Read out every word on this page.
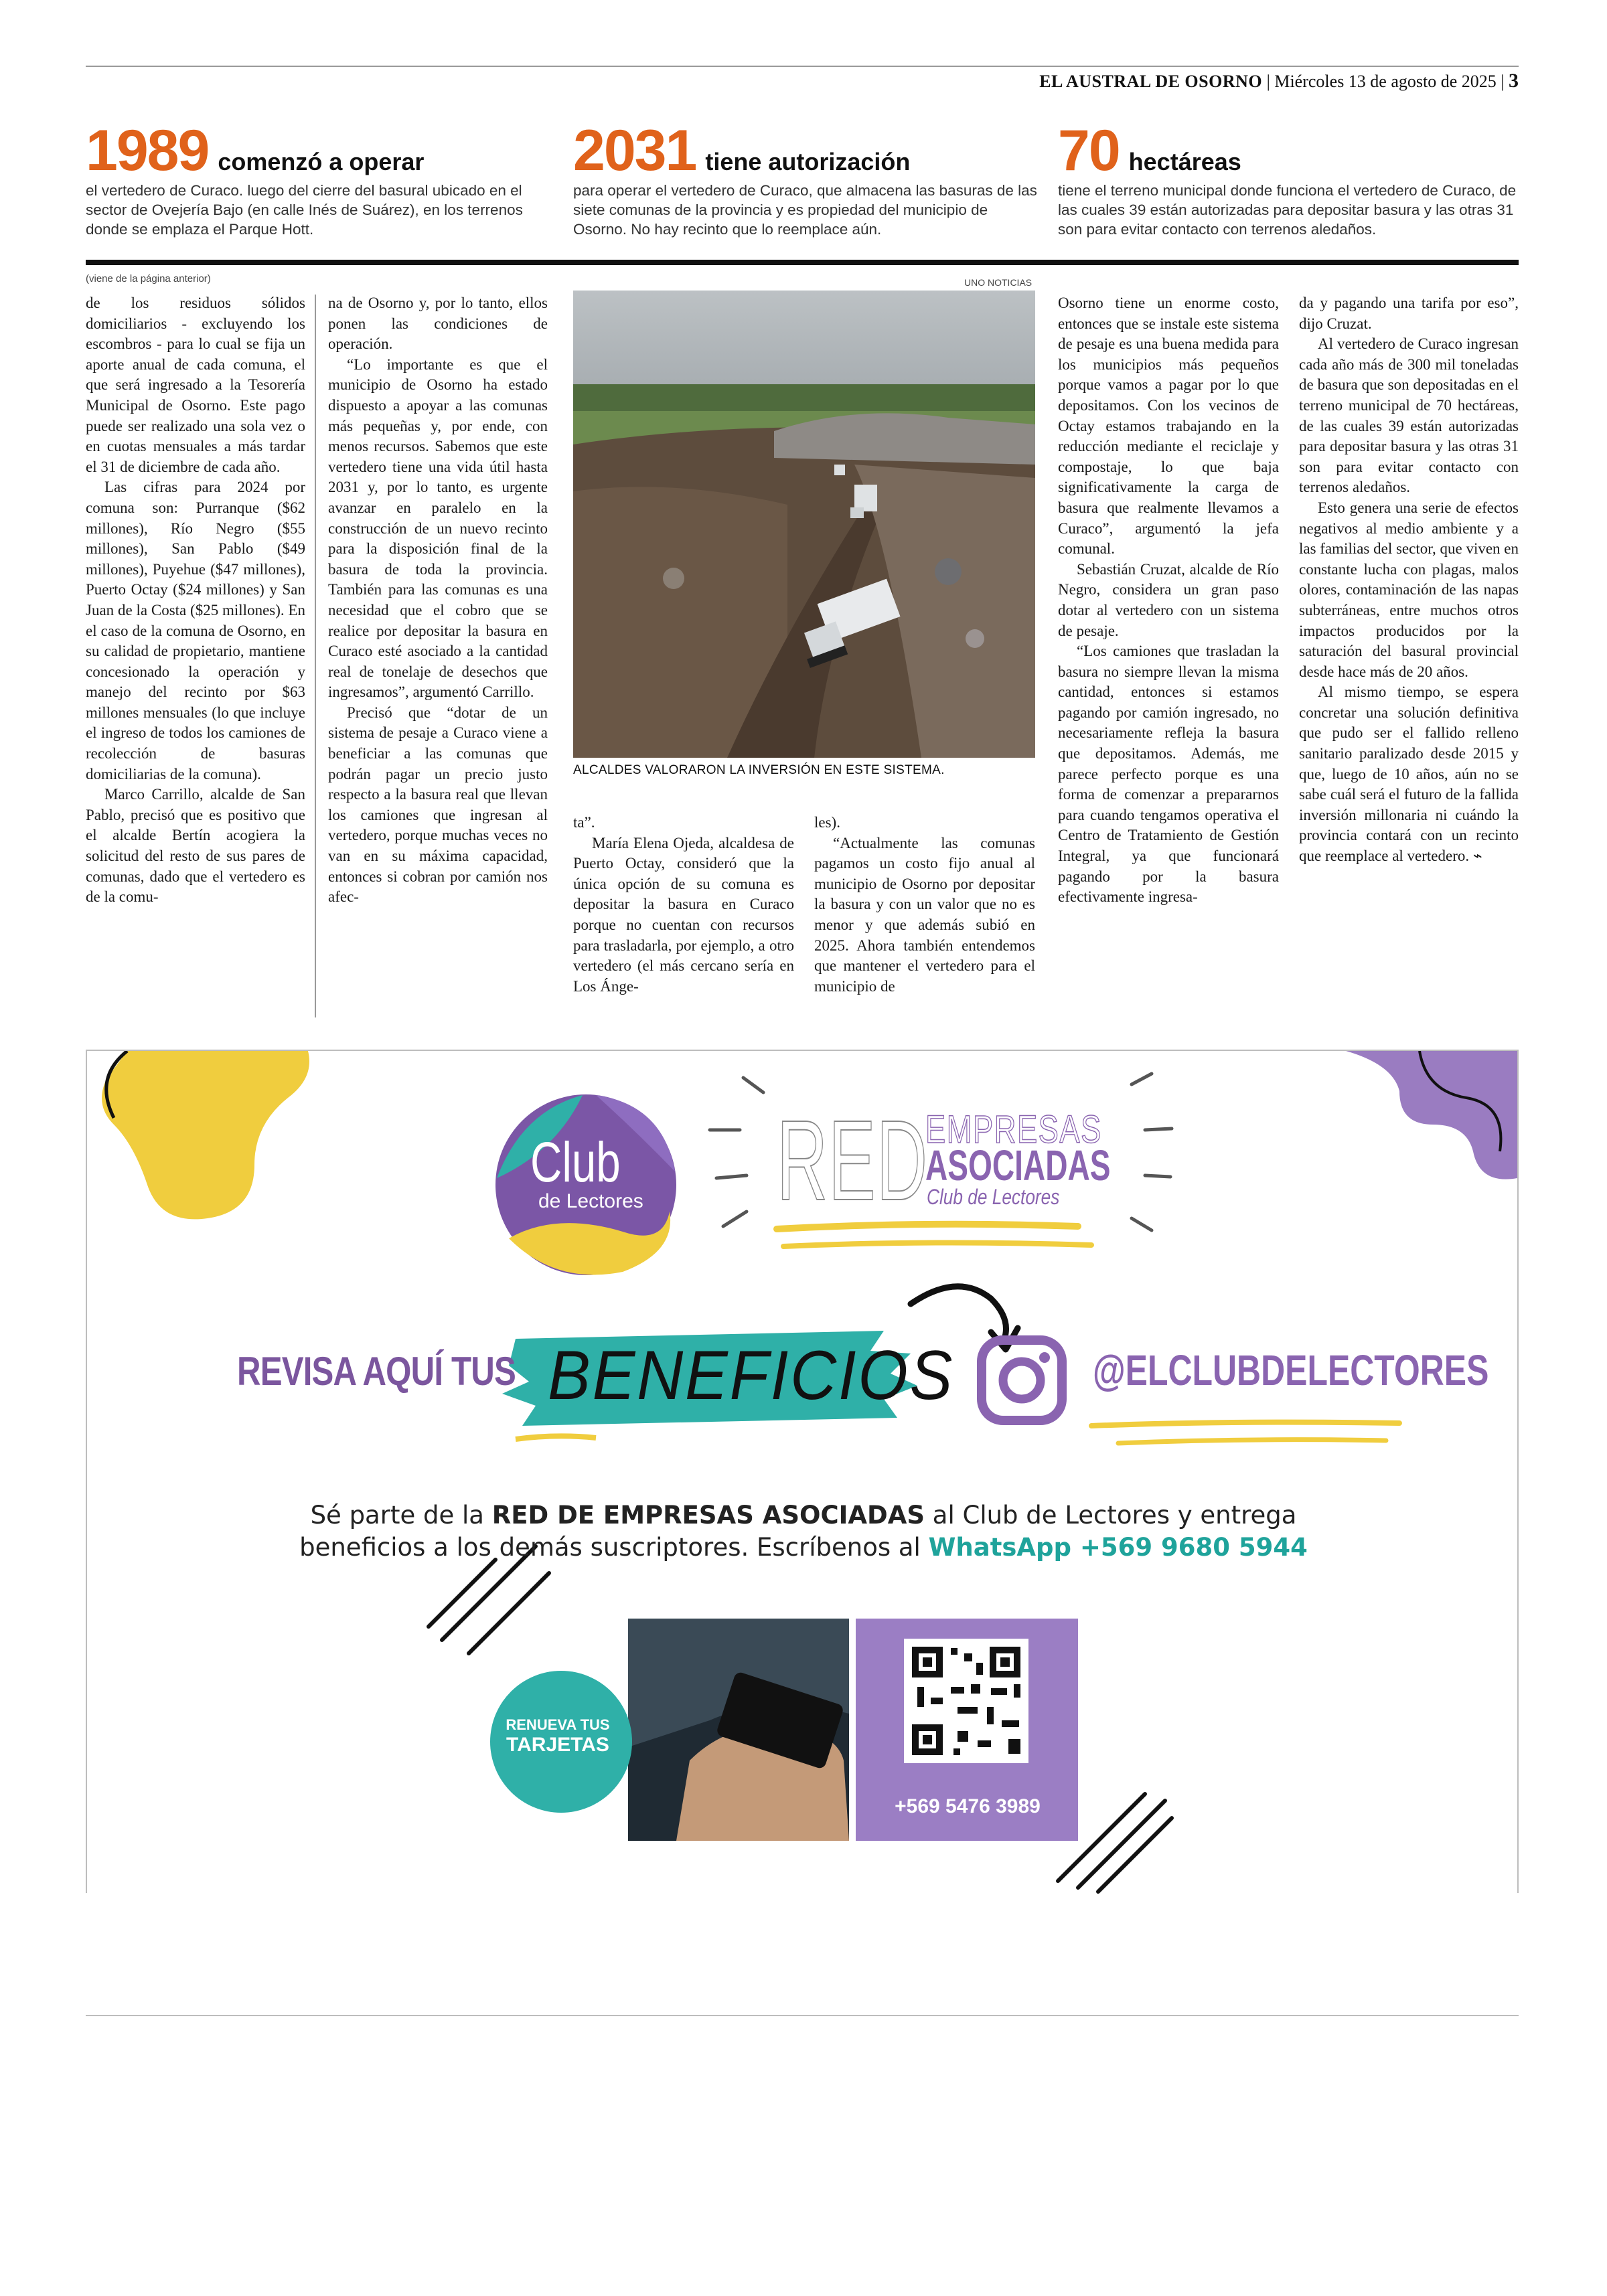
EL AUSTRAL DE OSORNO | Miércoles 13 de agosto de 2025 | 3
1989 comenzó a operar
el vertedero de Curaco. luego del cierre del basural ubicado en el sector de Ovejería Bajo (en calle Inés de Suárez), en los terrenos donde se emplaza el Parque Hott.
2031 tiene autorización
para operar el vertedero de Curaco, que almacena las basuras de las siete comunas de la provincia y es propiedad del municipio de Osorno. No hay recinto que lo reemplace aún.
70 hectáreas
tiene el terreno municipal donde funciona el vertedero de Curaco, de las cuales 39 están autorizadas para depositar basura y las otras 31 son para evitar contacto con terrenos aledaños.
(viene de la página anterior)

de los residuos sólidos domiciliarios - excluyendo los escombros - para lo cual se fija un aporte anual de cada comuna, el que será ingresado a la Tesorería Municipal de Osorno. Este pago puede ser realizado una sola vez o en cuotas mensuales a más tardar el 31 de diciembre de cada año.

Las cifras para 2024 por comuna son: Purranque ($62 millones), Río Negro ($55 millones), San Pablo ($49 millones), Puyehue ($47 millones), Puerto Octay ($24 millones) y San Juan de la Costa ($25 millones). En el caso de la comuna de Osorno, en su calidad de propietario, mantiene concesionado la operación y manejo del recinto por $63 millones mensuales (lo que incluye el ingreso de todos los camiones de recolección de basuras domiciliarias de la comuna).

Marco Carrillo, alcalde de San Pablo, precisó que es positivo que el alcalde Bertín acogiera la solicitud del resto de sus pares de comunas, dado que el vertedero es de la comu-

na de Osorno y, por lo tanto, ellos ponen las condiciones de operación.

“Lo importante es que el municipio de Osorno ha estado dispuesto a apoyar a las comunas más pequeñas y, por ende, con menos recursos. Sabemos que este vertedero tiene una vida útil hasta 2031 y, por lo tanto, es urgente avanzar en paralelo en la construcción de un nuevo recinto para la disposición final de la basura de toda la provincia. También para las comunas es una necesidad que el cobro que se realice por depositar la basura en Curaco esté asociado a la cantidad real de tonelaje de desechos que ingresamos”, argumentó Carrillo.

Precisó que “dotar de un sistema de pesaje a Curaco viene a beneficiar a las comunas que podrán pagar un precio justo respecto a la basura real que llevan los camiones que ingresan al vertedero, porque muchas veces no van en su máxima capacidad, entonces si cobran por camión nos afec-

UNO NOTICIAS
ALCALDES VALORARON LA INVERSIÓN EN ESTE SISTEMA.

ta”.

María Elena Ojeda, alcaldesa de Puerto Octay, consideró que la única opción de su comuna es depositar la basura en Curaco porque no cuentan con recursos para trasladarla, por ejemplo, a otro vertedero (el más cercano sería en Los Ánge-

les).

“Actualmente las comunas pagamos un costo fijo anual al municipio de Osorno por depositar la basura y con un valor que no es menor y que además subió en 2025. Ahora también entendemos que mantener el vertedero para el municipio de

Osorno tiene un enorme costo, entonces que se instale este sistema de pesaje es una buena medida para los municipios más pequeños porque vamos a pagar por lo que depositamos. Con los vecinos de Octay estamos trabajando en la reducción mediante el reciclaje y compostaje, lo que baja significativamente la carga de basura que realmente llevamos a Curaco”, argumentó la jefa comunal.

Sebastián Cruzat, alcalde de Río Negro, considera un gran paso dotar al vertedero con un sistema de pesaje.

“Los camiones que trasladan la basura no siempre llevan la misma cantidad, entonces si estamos pagando por camión ingresado, no necesariamente refleja la basura que depositamos. Además, me parece perfecto porque es una forma de comenzar a prepararnos para cuando tengamos operativa el Centro de Tratamiento de Gestión Integral, ya que funcionará pagando por la basura efectivamente ingresa-

da y pagando una tarifa por eso”, dijo Cruzat.

Al vertedero de Curaco ingresan cada año más de 300 mil toneladas de basura que son depositadas en el terreno municipal de 70 hectáreas, de las cuales 39 están autorizadas para depositar basura y las otras 31 son para evitar contacto con terrenos aledaños.

Esto genera una serie de efectos negativos al medio ambiente y a las familias del sector, que viven en constante lucha con plagas, malos olores, contaminación de las napas subterráneas, entre muchos otros impactos producidos por la saturación del basural provincial desde hace más de 20 años.

Al mismo tiempo, se espera concretar una solución definitiva que pudo ser el fallido relleno sanitario paralizado desde 2015 y que, luego de 10 años, aún no se sabe cuál será el futuro de la fallida inversión millonaria ni cuándo la provincia contará con un recinto que reemplace al vertedero. ⌁

Club
de Lectores RED
EMPRESAS
ASOCIADAS
Club de Lectores
REVISA AQUÍ TUS BENEFICIOS	@ELCLUBDELECTORES
Sé parte de la RED DE EMPRESAS ASOCIADAS al Club de Lectores y entrega
beneficios a los demás suscriptores. Escríbenos al WhatsApp +569 9680 5944
RENUEVA TUS
TARJETAS
+569 5476 3989
